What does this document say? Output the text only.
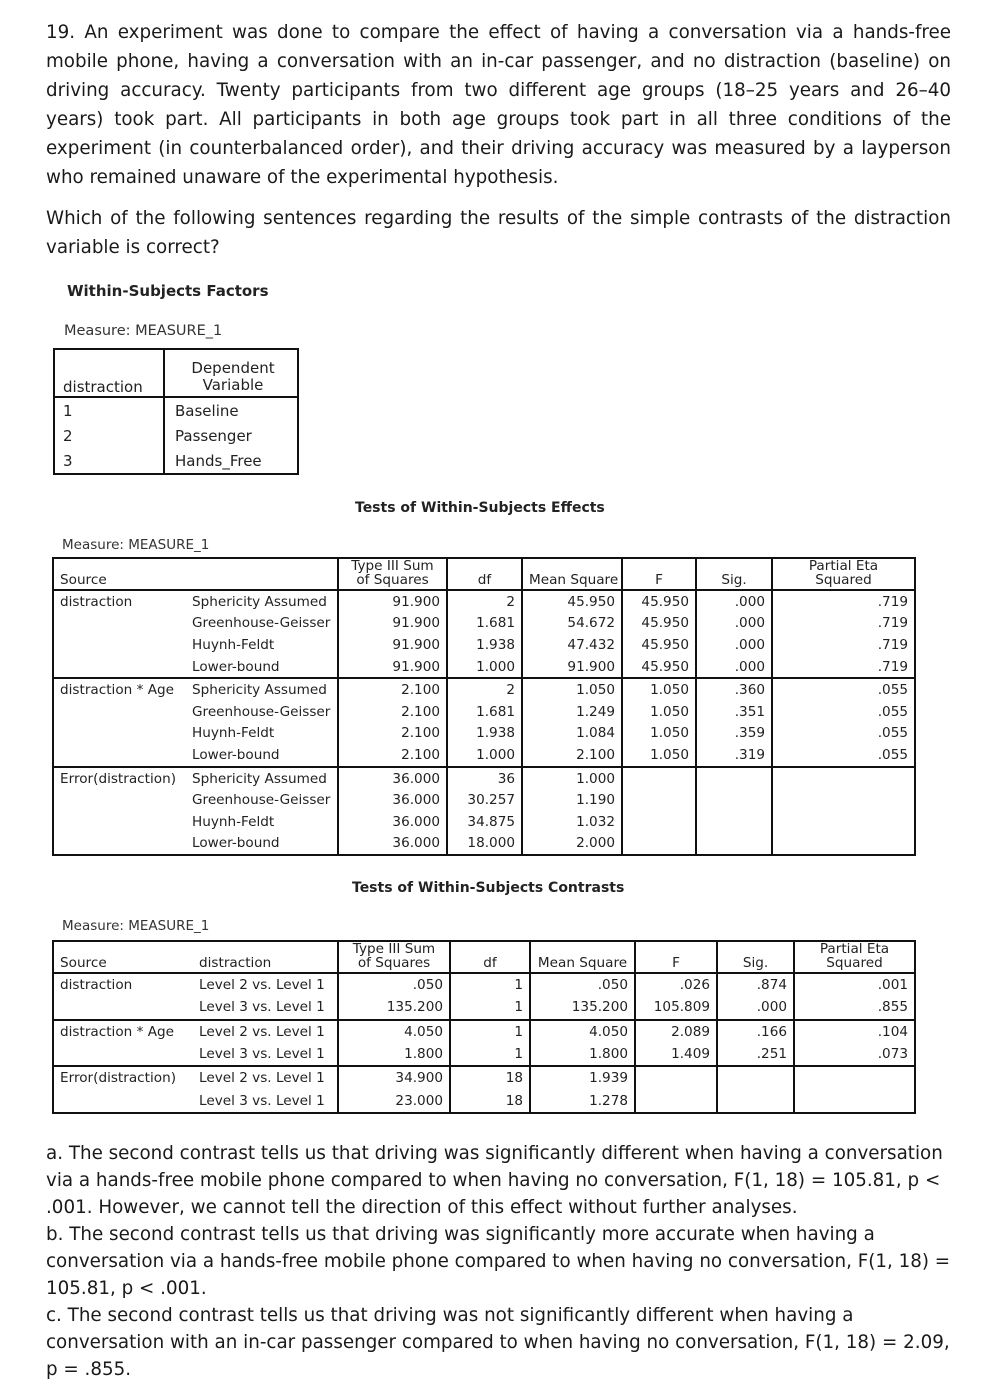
19. An experiment was done to compare the effect of having a conversation via a hands-free mobile phone, having a conversation with an in-car passenger, and no distraction (baseline) on driving accuracy. Twenty participants from two different age groups (18–25 years and 26–40 years) took part. All participants in both age groups took part in all three conditions of the experiment (in counterbalanced order), and their driving accuracy was measured by a layperson who remained unaware of the experimental hypothesis.

Which of the following sentences regarding the results of the simple contrasts of the distraction variable is correct?

Within-Subjects Factors
Measure: MEASURE_1
distraction	Dependent
Variable
1	Baseline
2	Passenger
3	Hands_Free
Tests of Within-Subjects Effects
Measure: MEASURE_1
Source		Type III Sum
of Squares	df	Mean Square	F	Sig.	Partial Eta
Squared
distraction	Sphericity Assumed	91.900	2	45.950	45.950	.000	.719
	Greenhouse-Geisser	91.900	1.681	54.672	45.950	.000	.719
	Huynh-Feldt	91.900	1.938	47.432	45.950	.000	.719
	Lower-bound	91.900	1.000	91.900	45.950	.000	.719
distraction * Age	Sphericity Assumed	2.100	2	1.050	1.050	.360	.055
	Greenhouse-Geisser	2.100	1.681	1.249	1.050	.351	.055
	Huynh-Feldt	2.100	1.938	1.084	1.050	.359	.055
	Lower-bound	2.100	1.000	2.100	1.050	.319	.055
Error(distraction)	Sphericity Assumed	36.000	36	1.000			
	Greenhouse-Geisser	36.000	30.257	1.190			
	Huynh-Feldt	36.000	34.875	1.032			
	Lower-bound	36.000	18.000	2.000			
Tests of Within-Subjects Contrasts
Measure: MEASURE_1
Source	distraction	Type III Sum
of Squares	df	Mean Square	F	Sig.	Partial Eta
Squared
distraction	Level 2 vs. Level 1	.050	1	.050	.026	.874	.001
	Level 3 vs. Level 1	135.200	1	135.200	105.809	.000	.855
distraction * Age	Level 2 vs. Level 1	4.050	1	4.050	2.089	.166	.104
	Level 3 vs. Level 1	1.800	1	1.800	1.409	.251	.073
Error(distraction)	Level 2 vs. Level 1	34.900	18	1.939			
	Level 3 vs. Level 1	23.000	18	1.278			

a. The second contrast tells us that driving was significantly different when having a conversation via a hands-free mobile phone compared to when having no conversation, F(1, 18) = 105.81, p < .001. However, we cannot tell the direction of this effect without further analyses.

b. The second contrast tells us that driving was significantly more accurate when having a conversation via a hands-free mobile phone compared to when having no conversation, F(1, 18) = 105.81, p < .001.

c. The second contrast tells us that driving was not significantly different when having a conversation with an in-car passenger compared to when having no conversation, F(1, 18) = 2.09, p = .855.
